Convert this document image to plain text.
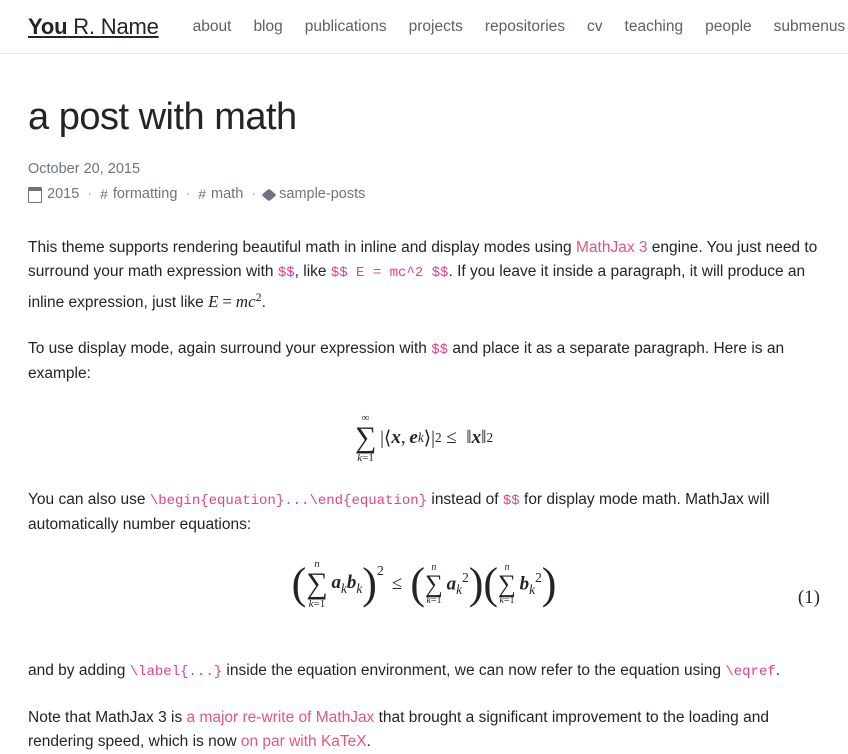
You R. Name	about	blog	publications	projects	repositories	cv	teaching	people	submenus
a post with math
October 20, 2015
2015 · # formatting · # math ·	sample-posts

This theme supports rendering beautiful math in inline and display modes using MathJax 3 engine. You just need to surround your math expression with $$, like $$ E = mc^2 $$. If you leave it inside a paragraph, it will produce an inline expression, just like $E = mc^2$.

To use display mode, again surround your expression with $$ and place it as a separate paragraph. Here is an example:

∞
∑
k=1
 |⟨ x ,  e k ⟩| 2 ≤  ‖ x ‖ 2

You can also use \begin{equation}...\end{equation} instead of $$ for display mode math. MathJax will automatically number equations:

( n
∑
k=1
 $a_kb_k$ ) 2
≤ ( n
∑
k=1
 $a_k^2$ ) ( n
∑
k=1
 $b_k^2$ )	(1)

and by adding \label{...} inside the equation environment, we can now refer to the equation using \eqref.

Note that MathJax 3 is a major re-write of MathJax that brought a significant improvement to the loading and rendering speed, which is now on par with KaTeX.
